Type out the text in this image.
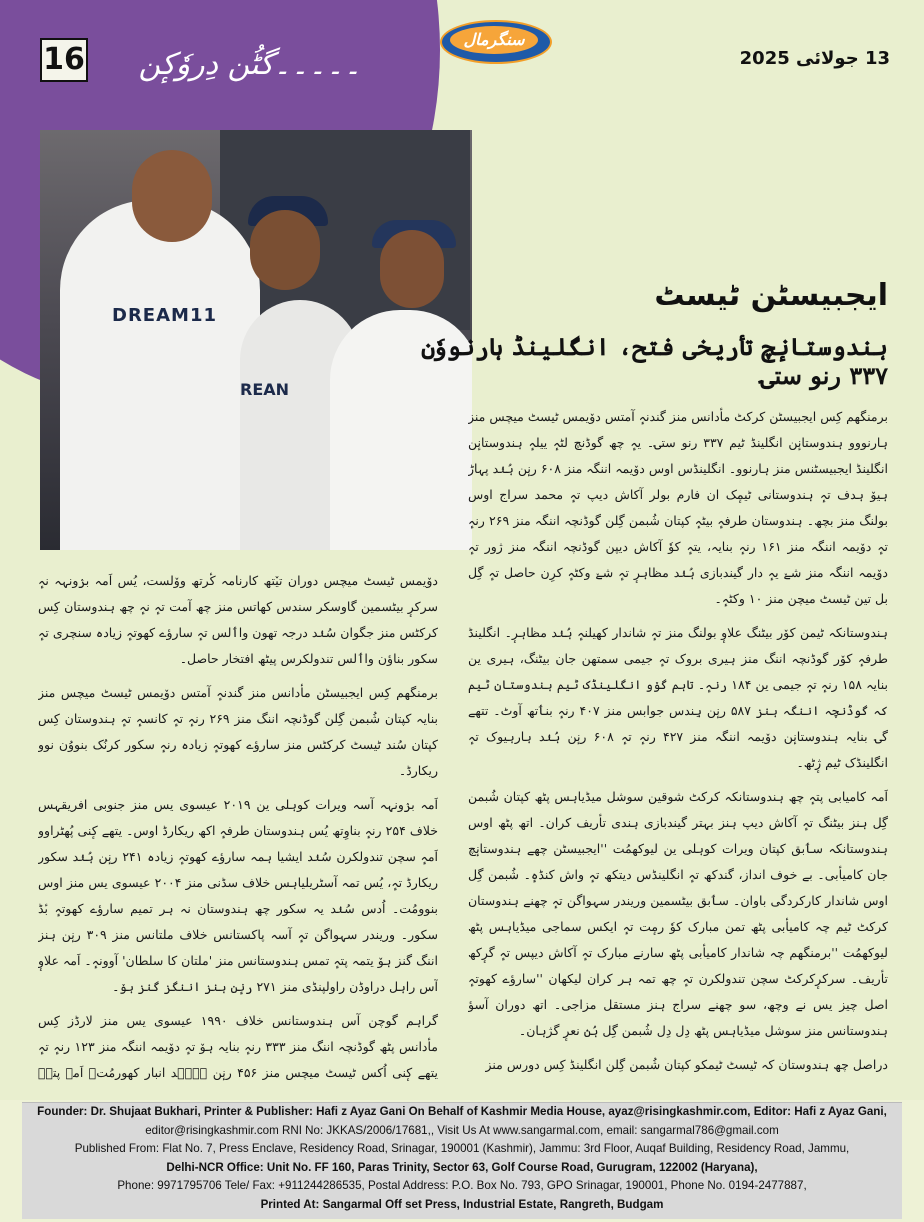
16	۔۔۔۔۔گٹُن دِروٗکٕن
سنگرمال
13 جولائی 2025
DREAM11
REAN
ایجبیسٹن ٹیسٹ
ہندوستانٕچ تأریخی فتح، انگلینڈ ہارنووٗن ۳۳۷ رنو ستۍ

برمنگھم کِس ایجبیسٹن کرکٹ مأدانس منز گندنہٕ آمتس دوٚیمس ٹیسٹ میچس منز ہارنووو ہندوستانٕن انگلینڈ ٹیم ۳۳۷ رنو ستۍ۔ یہٕ چھ گوڈنچ لٹہٕ ییلہٕ ہندوستانٕن انگلینڈ ایجبیسٹنس منز ہارنوو۔ انگلینڈس اوس دوٚیمہ اننگہ منز ۶۰۸ رنٕن ہُنٛد پہاڑ ہیوٚ ہدف تہٕ ہندوستانی ٹیمٕک ان فارم بولر آکاش دیپ تہٕ محمد سراج اوس بولنگ منز بچھ۔ ہندوستان طرفہٕ بیٹہٕ کپتان شُبمن گِلن گوڈنچہ اننگہ منز ۲۶۹ رنہٕ تہٕ دوٚیمہ اننگہ منز ۱۶۱ رنہٕ بنایہ، یتہٕ کوٗ آکاش دیپن گوڈنچہ اننگہ منز ژور تہٕ دوٚیمہ اننگہ منز شےٚ یہٕ دار گیندبازی ہُنٛد مظاہرٕ تہٕ شےٚ وکٹہٕ کرِن حاصل تہٕ گِل بل تین ٹیسٹ میچن منز ۱۰ وکٹہٕ۔

ہندوستانکہ ٹیمن کوٚر بیٹنگ علاوٕ بولنگ منز تہٕ شاندار کھیلنہٕ ہُنٛد مظاہرٕ۔ انگلینڈ طرفہٕ کوٚر گوڈنچہ اننگ منز ہیری بروک تہٕ جیمی سمتھن جان بیٹنگ، ہیری ین بنایہ ۱۵۸ رنہٕ تہٕ جیمی ین ۱۸۴ رنہٕ۔ تاہم گوٚو انگلینڈک ٹیم ہندوستان ٹیم کہ گوڈنچہ اننگہ ہنز ۵۸۷ رنٕن ہِندس جوابس منز ۴۰۷ رنہٕ بنٲتھ آوٹ۔ تتھے گۍ بنایہ ہندوستانٕن دوٚیمہ اننگہ منز ۴۲۷ رنہٕ تہٕ ۶۰۸ رنٕن ہُنٛد ہارہیوک تہٕ انگلینڈک ٹیم ژٕٹھ۔

اَمہ کامیابی پتہٕ چھ ہندوستانکہ کرکٹ شوقین سوشل میڈیاہس پٹھ کپتان شُبمن گِل ہنز بیٹنگ تہٕ آکاش دیپ ہنز بہتر گیندبازی ہندی تأریف کران۔ اتھ پٹھ اوس ہندوستانکہ سٲبق کپتان ویرات کوہلی ین لیوکھمُت ''ایجبیسٹن چھے ہندوستانٕچ جان کامیأبی۔ بے خوف انداز، گندکھ تہٕ انگلینڈس دیتکھ تہٕ واش کنڈہٕ۔ شُبمن گِل اوس شاندار کارکردگی باوان۔ سٲبق بیٹسمین وریندر سہواگن تہٕ چھنے ہندوستان کرکٹ ٹیم چہ کامیأبی پٹھ تمن مبارک کوٗ رمٕت تہٕ ایکس سماجی میڈیاہس پٹھ لیوکھمُت ''برمنگھم چہ شاندار کامیأبی پٹھ سارنے مبارک تہٕ آکاش دیپس تہٕ گرٕکھ تأریف۔ سرکرٕکرکٹ سچن تندولکرن تہٕ چھ تمہ ہر کران لیکھان ''سارؤے کھوتہٕ اصل چیز یس نے وچھ، سو چھنے سراج ہنز مستقل مزاجی۔ اتھ دوران آسؤ ہندوستانس منز سوشل میڈیاہس پٹھ دِل دِل شُبمن گِل ہُنٛ نعرٕ گژہان۔

دراصل چھ ہندوستان کہ ٹیسٹ ٹیمکو کپتان شُبمن گِلن انگلینڈ کِس دورس منز

دوٚیمس ٹیسٹ میچس دوران تیٚتھ کارنامہ کٔرتھ ووٚلست، یُس اَمہ برٛونہہ نہٕ سرکرٕ بیٹسمین گاوسکر سندس کھاتس منز چھ آمت تہٕ نہٕ چھ ہندوستان کِس کرکٹس منز جگوان سُنٛد درجہ تھون واٲلس تہٕ سارؤے کھوتہٕ زیادہ سنچری تہٕ سکور بناؤن واٲلس تندولکرس پیٹھ افتخار حاصل۔

برمنگھم کِس ایجبیسٹن مأدانس منز گندنہٕ آمتس دوٚیمس ٹیسٹ میچس منز بنایہ کپتان شُبمن گِلن گوڈنچہ اننگ منز ۲۶۹ رنہٕ تہٕ کانسہٕ تہٕ ہندوستان کِس کپتان سُند ٹیسٹ کرکٹس منز سارؤے کھوتہٕ زیادہ رنہٕ سکور کرنُک بنووُن نوو ریکارڈ۔

اَمہ برٛونہہ آسہ ویرات کوہلی ین ۲۰۱۹ عیسوی یس منز جنوبی افریقہس خلاف ۲۵۴ رنہٕ بناوِتھ یُس ہندوستان طرفہٕ اکھ ریکارڈ اوس۔ یتھے کٕنی پُھٹراوو اَمہٕ سچن تندولکرن سُنٛد ایشیا ہمہ سارؤے کھوتہٕ زیادہ ۲۴۱ رنٕن ہُنٛد سکور ریکارڈ تہٕ، یُس تمہ آسٹریلیاہس خلاف سڈنی منز ۲۰۰۴ عیسوی یس منز اوس بنوومُت۔ اُدس سُنٛد یہ سکور چھ ہندوستان نہ ہر تمیم سارؤے کھوتہٕ بٔڈ سکور۔ وریندر سہواگن تہٕ آسہ پاکستانس خلاف ملتانس منز ۳۰۹ رنٕن ہنز اننگ گنز ہوٚ یتمہ پتہٕ تمس ہندوستانس منز 'ملتان کا سلطان' آوونہٕ۔ اَمہ علاوٕ آس راہل دراوڈن راولپنڈی منز ۲۷۱ رنٕن ہنز اننگز گنز ہوٚ۔

گراہم گوچن آس ہندوستانس خلاف ۱۹۹۰ عیسوی یس منز لارڈز کِس مأدانس پٹھ گوڈنچہ اننگ منز ۳۳۳ رنہٕ بنایہ ہوٚ تہٕ دوٚیمہ اننگہ منز ۱۲۳ رنہٕ تہٕ یتھے کٕنی اُکس ٹیسٹ میچس منز ۴۵۶ رنٕن ہُنٛد انبار کھورمُت۔ اَمہ پتہٕ

Founder: Dr. Shujaat Bukhari, Printer & Publisher: Hafi z Ayaz Gani On Behalf of Kashmir Media House, ayaz@risingkashmir.com, Editor: Hafi z Ayaz Gani,
editor@risingkashmir.com RNI No: JKKAS/2006/17681,, Visit Us At www.sangarmal.com, email: sangarmal786@gmail.com
Published From: Flat No. 7, Press Enclave, Residency Road, Srinagar, 190001 (Kashmir), Jammu: 3rd Floor, Auqaf Building, Residency Road, Jammu,
Delhi-NCR Office: Unit No. FF 160, Paras Trinity, Sector 63, Golf Course Road, Gurugram, 122002 (Haryana),
Phone: 9971795706 Tele/ Fax: +911244286535, Postal Address: P.O. Box No. 793, GPO Srinagar, 190001, Phone No. 0194-2477887,
Printed At: Sangarmal Off set Press, Industrial Estate, Rangreth, Budgam
